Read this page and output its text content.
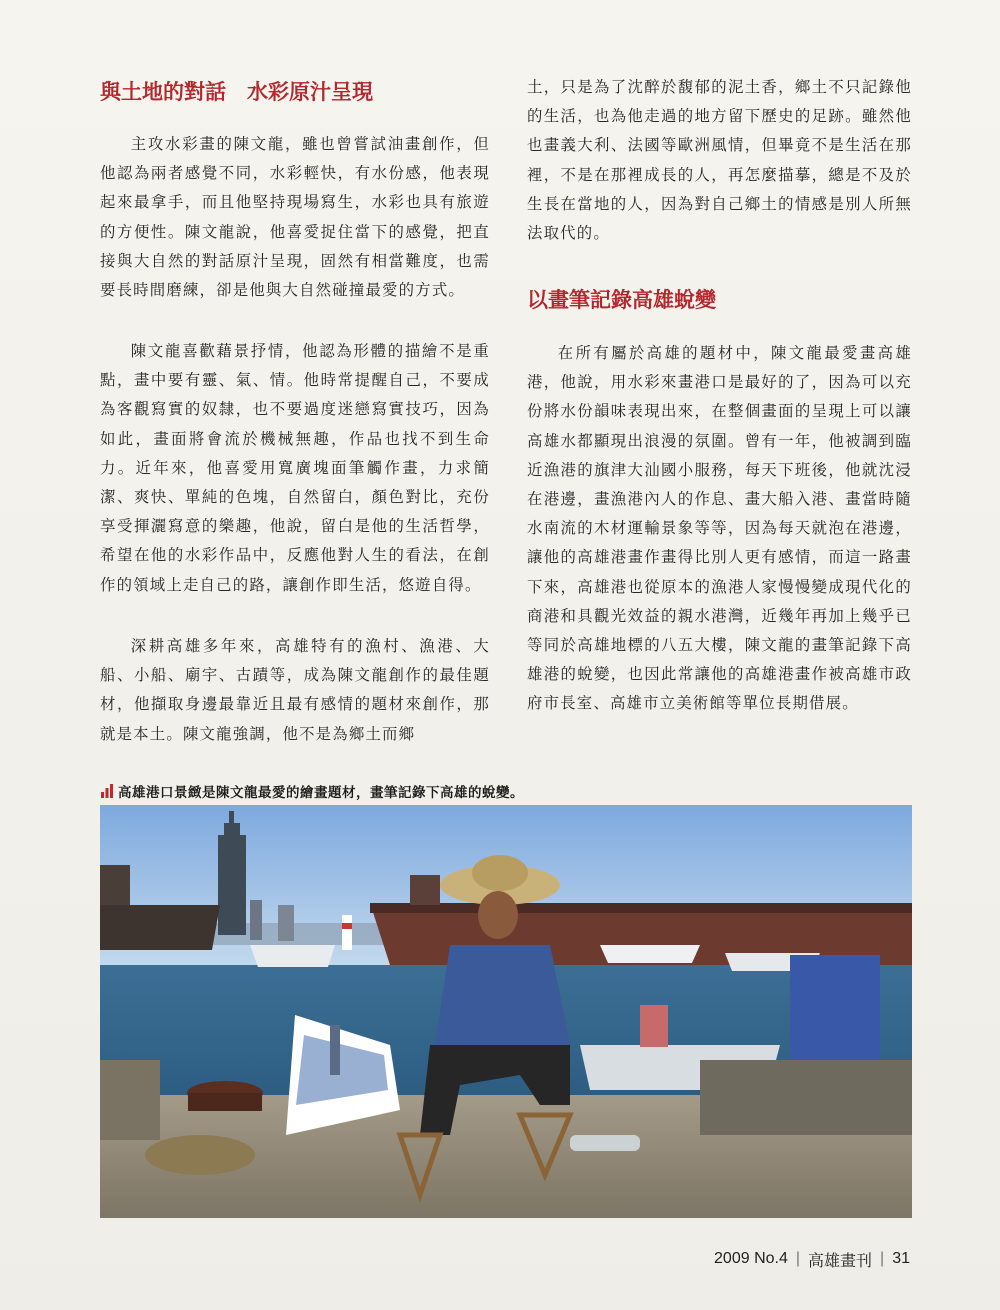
與土地的對話　水彩原汁呈現

主攻水彩畫的陳文龍，雖也曾嘗試油畫創作，但他認為兩者感覺不同，水彩輕快，有水份感，他表現起來最拿手，而且他堅持現場寫生，水彩也具有旅遊的方便性。陳文龍說，他喜愛捉住當下的感覺，把直接與大自然的對話原汁呈現，固然有相當難度，也需要長時間磨練，卻是他與大自然碰撞最愛的方式。

陳文龍喜歡藉景抒情，他認為形體的描繪不是重點，畫中要有靈、氣、情。他時常提醒自己，不要成為客觀寫實的奴隸，也不要過度迷戀寫實技巧，因為如此，畫面將會流於機械無趣，作品也找不到生命力。近年來，他喜愛用寬廣塊面筆觸作畫，力求簡潔、爽快、單純的色塊，自然留白，顏色對比，充份享受揮灑寫意的樂趣，他說，留白是他的生活哲學，希望在他的水彩作品中，反應他對人生的看法，在創作的領域上走自己的路，讓創作即生活，悠遊自得。

深耕高雄多年來，高雄特有的漁村、漁港、大船、小船、廟宇、古蹟等，成為陳文龍創作的最佳題材，他擷取身邊最靠近且最有感情的題材來創作，那就是本土。陳文龍強調，他不是為鄉土而鄉

土，只是為了沈醉於馥郁的泥土香，鄉土不只記錄他的生活，也為他走過的地方留下歷史的足跡。雖然他也畫義大利、法國等歐洲風情，但畢竟不是生活在那裡，不是在那裡成長的人，再怎麼描摹，總是不及於生長在當地的人，因為對自己鄉土的情感是別人所無法取代的。

以畫筆記錄高雄蛻變

在所有屬於高雄的題材中，陳文龍最愛畫高雄港，他說，用水彩來畫港口是最好的了，因為可以充份將水份韻味表現出來，在整個畫面的呈現上可以讓高雄水都顯現出浪漫的氛圍。曾有一年，他被調到臨近漁港的旗津大汕國小服務，每天下班後，他就沈浸在港邊，畫漁港內人的作息、畫大船入港、畫當時隨水南流的木材運輸景象等等，因為每天就泡在港邊，讓他的高雄港畫作畫得比別人更有感情，而這一路畫下來，高雄港也從原本的漁港人家慢慢變成現代化的商港和具觀光效益的親水港灣，近幾年再加上幾乎已等同於高雄地標的八五大樓，陳文龍的畫筆記錄下高雄港的蛻變，也因此常讓他的高雄港畫作被高雄市政府市長室、高雄市立美術館等單位長期借展。

高雄港口景緻是陳文龍最愛的繪畫題材，畫筆記錄下高雄的蛻變。
2009 No.4 | 高雄畫刊 | 31
